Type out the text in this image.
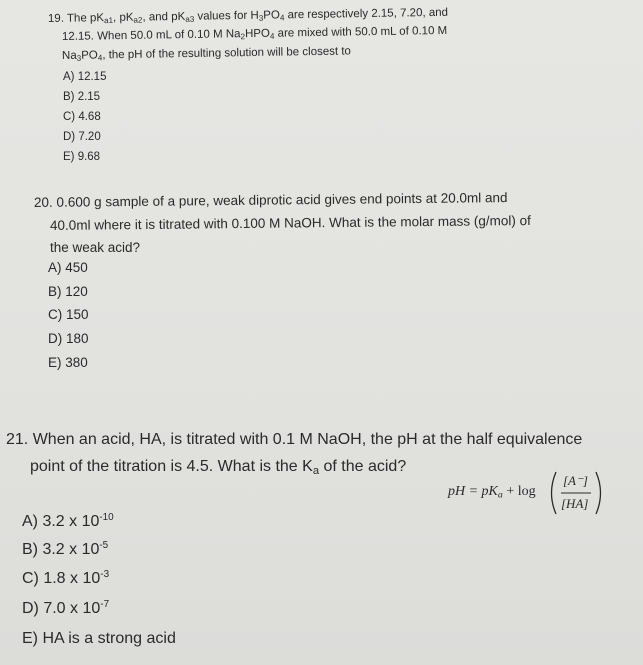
19. The $pK_{a1}$, $pK_{a2}$, and $pK_{a3}$ values for $H_3PO_4$ are respectively 2.15, 7.20, and
12.15. When 50.0 mL of 0.10 M $Na_2HPO_4$ are mixed with 50.0 mL of 0.10 M
$Na_3PO_4$, the pH of the resulting solution will be closest to
A) 12.15
B) 2.15
C) 4.68
D) 7.20
E) 9.68
20. 0.600 g sample of a pure, weak diprotic acid gives end points at 20.0ml and
40.0ml where it is titrated with 0.100 M NaOH. What is the molar mass (g/mol) of
the weak acid?
A) 450
B) 120
C) 150
D) 180
E) 380
21. When an acid, HA, is titrated with 0.1 M NaOH, the pH at the half equivalence
point of the titration is 4.5. What is the $K_a$ of the acid?
pH = $pK_a + \log$
[A⁻]
[HA]
A) 3.2 x $10^{-10}$
B) 3.2 x $10^{-5}$
C) 1.8 x $10^{-3}$
D) 7.0 x $10^{-7}$
E) HA is a strong acid
